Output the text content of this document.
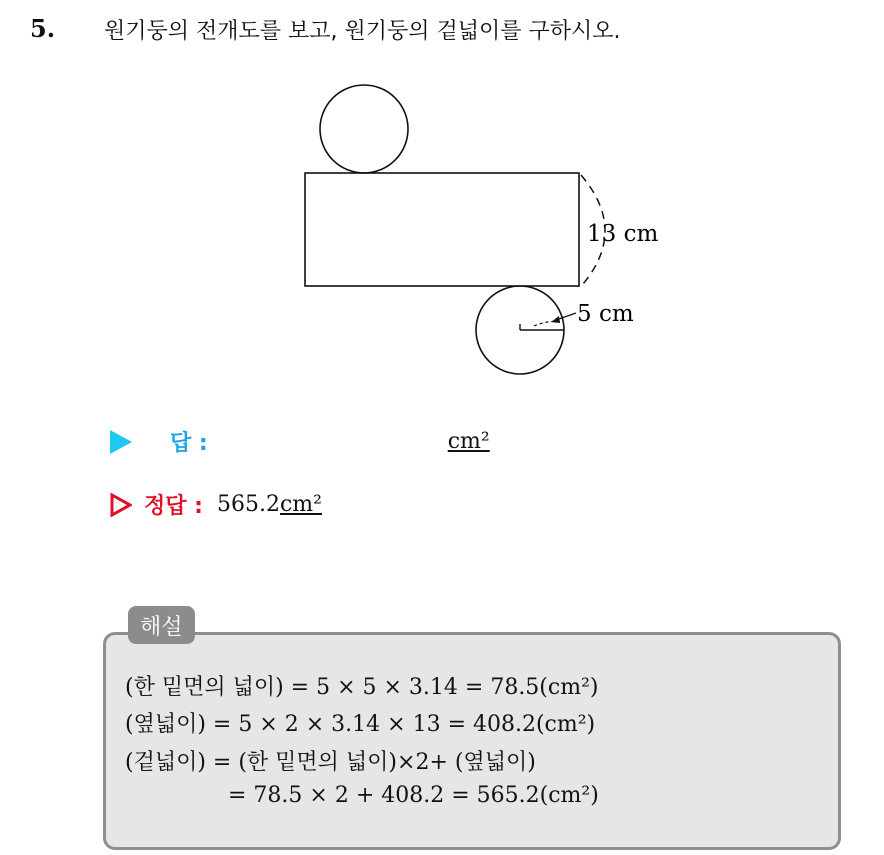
5. 원기둥의 전개도를 보고, 원기둥의 겉넓이를 구하시오.
13 cm
5 cm
답 :	cm²
정답 : 565.2 cm²
해설
(한 밑면의 넓이) = 5 × 5 × 3.14 = 78.5(cm²)
(옆넓이) = 5 × 2 × 3.14 × 13 = 408.2(cm²)
(겉넓이) = (한 밑면의 넓이)×2+ (옆넓이)
= 78.5 × 2 + 408.2 = 565.2(cm²)
